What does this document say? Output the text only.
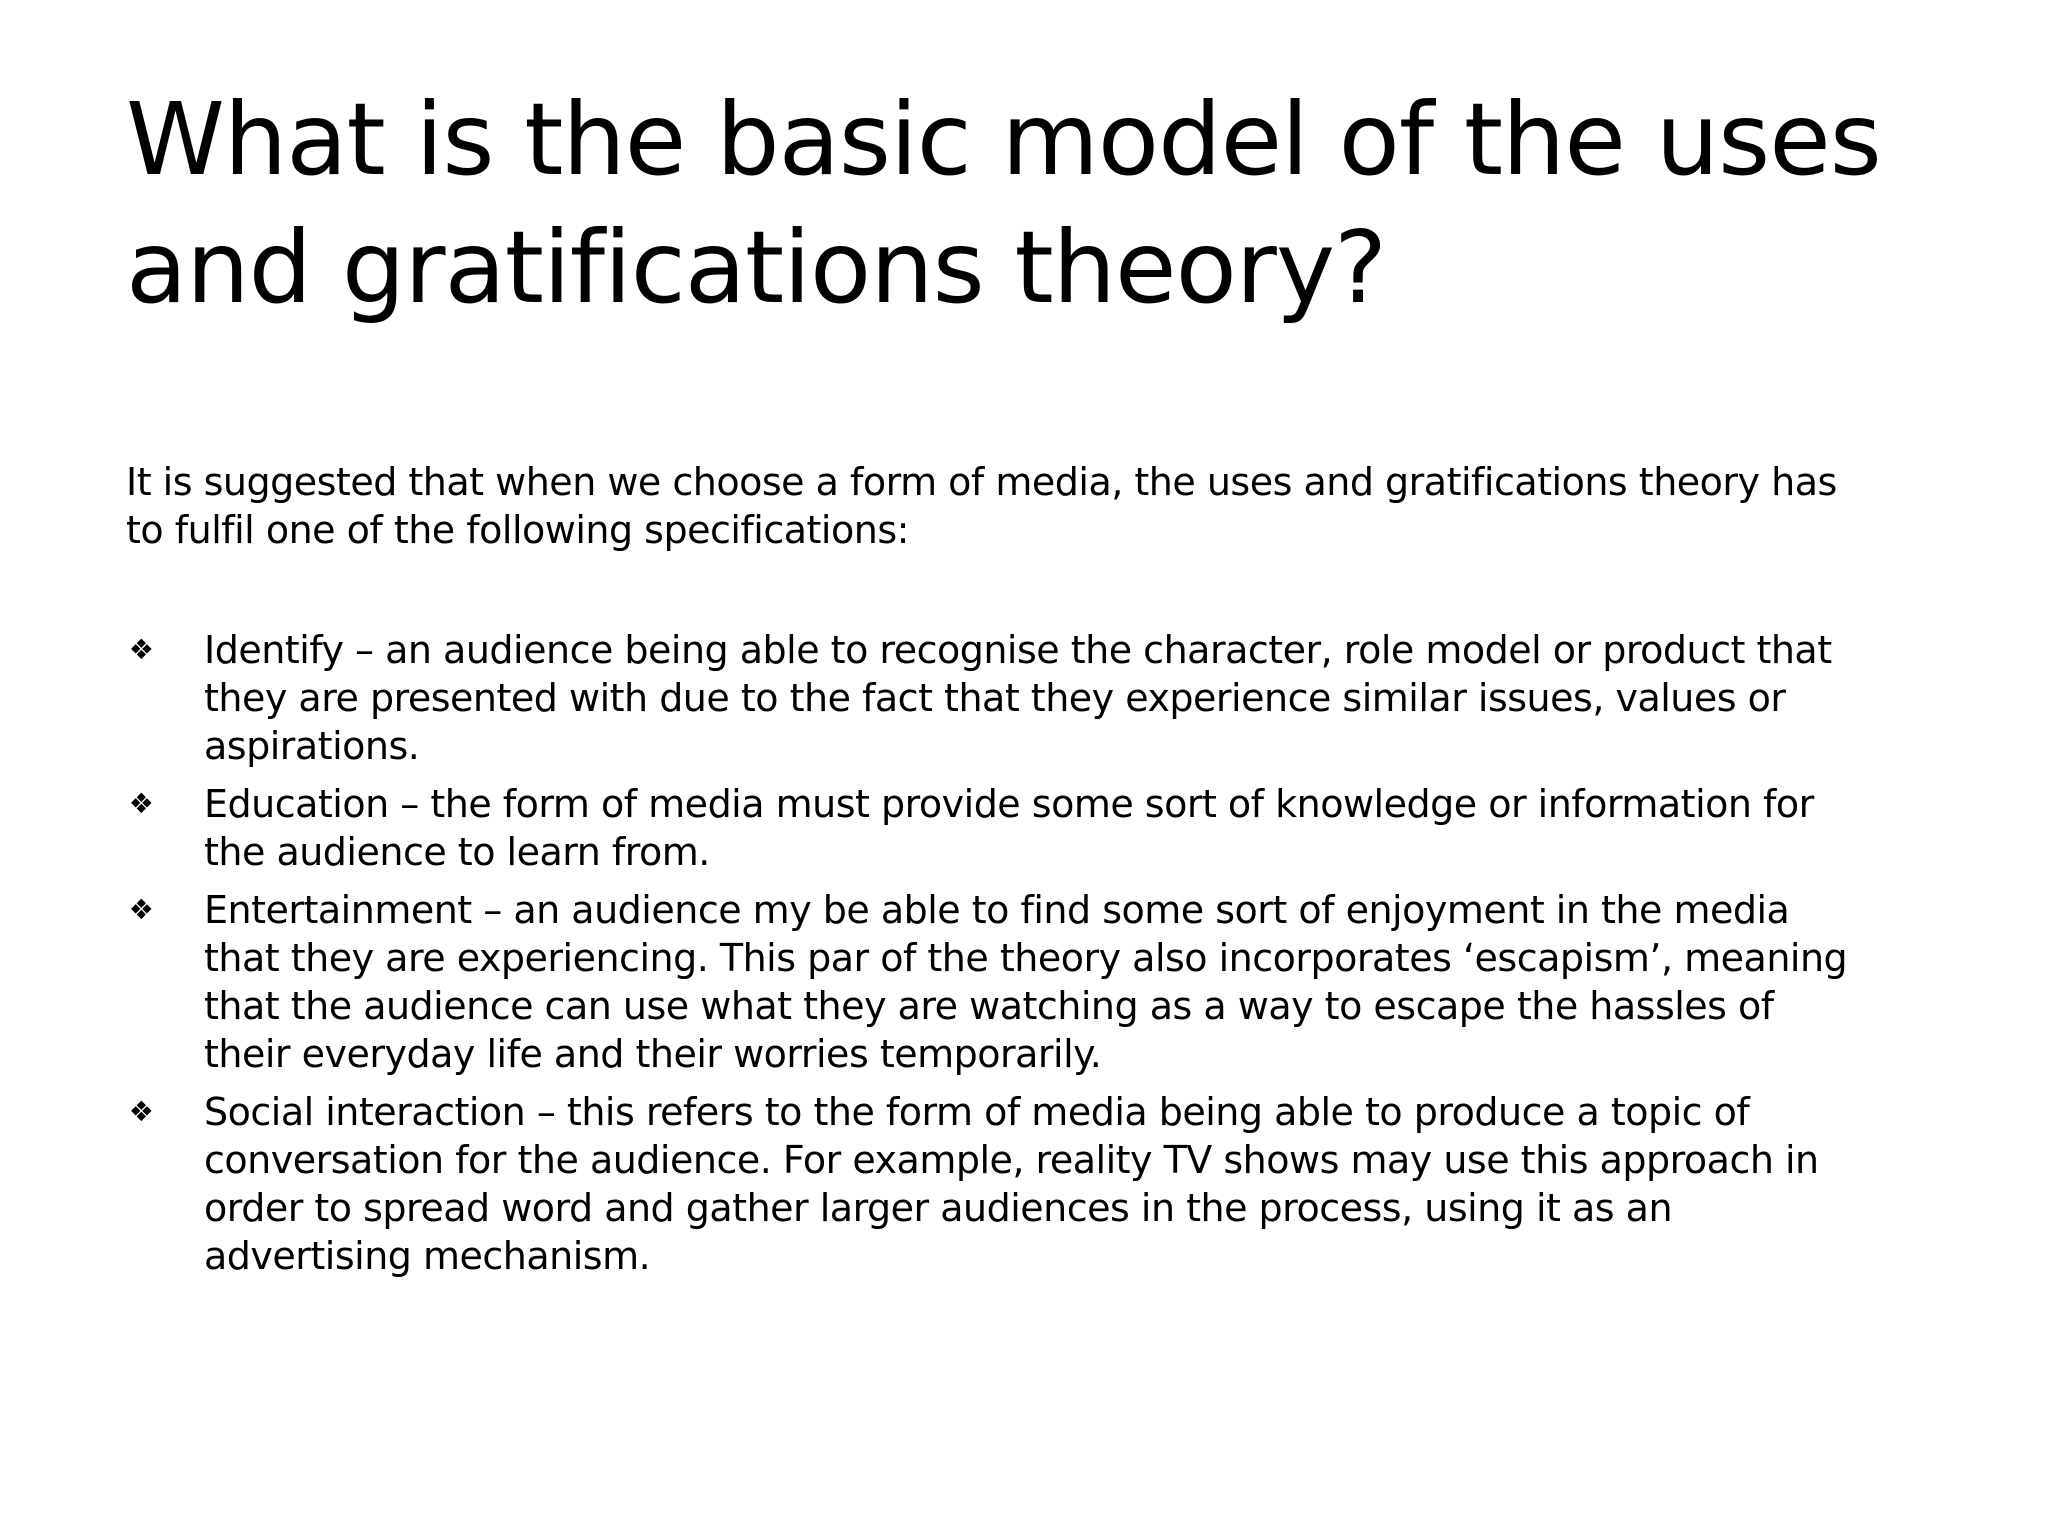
What is the basic model of the uses
and gratifications theory?

It is suggested that when we choose a form of media, the uses and gratifications theory has
to fulfil one of the following specifications:

❖ Identify – an audience being able to recognise the character, role model or product that
they are presented with due to the fact that they experience similar issues, values or
aspirations.
❖ Education – the form of media must provide some sort of knowledge or information for
the audience to learn from.
❖ Entertainment – an audience my be able to find some sort of enjoyment in the media
that they are experiencing. This par of the theory also incorporates ‘escapism’, meaning
that the audience can use what they are watching as a way to escape the hassles of
their everyday life and their worries temporarily.
❖ Social interaction – this refers to the form of media being able to produce a topic of
conversation for the audience. For example, reality TV shows may use this approach in
order to spread word and gather larger audiences in the process, using it as an
advertising mechanism.
